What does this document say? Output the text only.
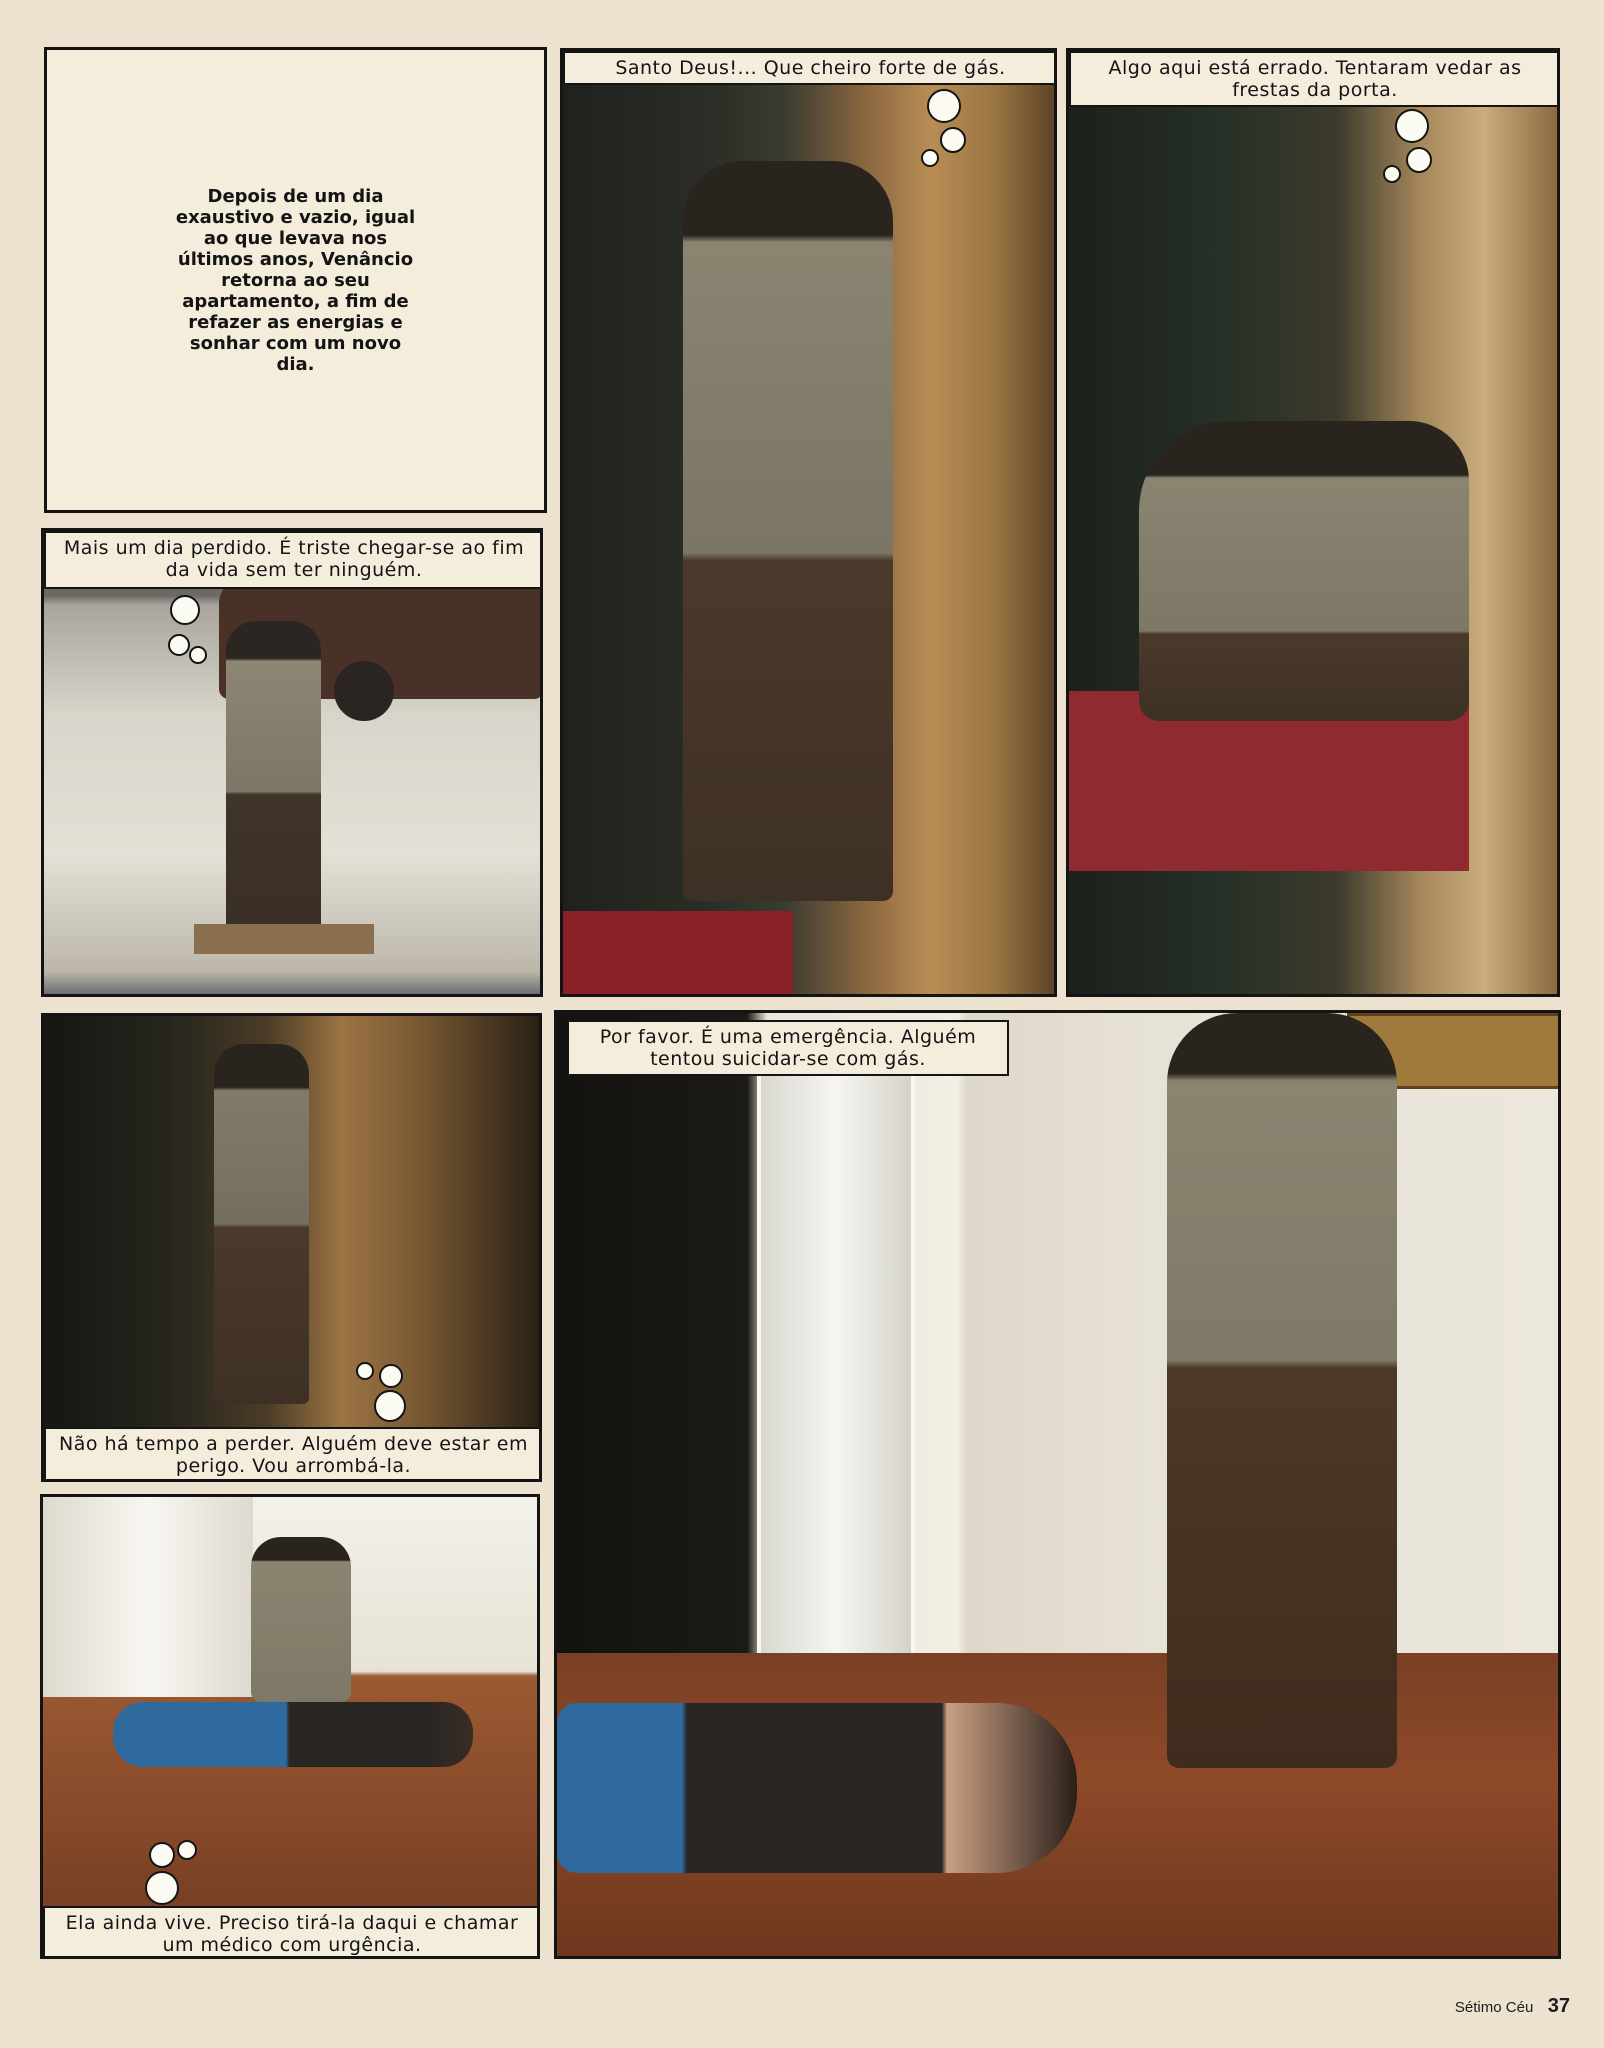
Depois de um dia exaustivo e vazio, igual ao que levava nos últimos anos, Venâncio retorna ao seu apartamento, a fim de refazer as energias e sonhar com um novo dia.

Mais um dia perdido. É triste chegar-se ao fim da vida sem ter ninguém.
Santo Deus!... Que cheiro forte de gás.	Algo aqui está errado. Tentaram vedar as frestas da porta.
Não há tempo a perder. Alguém deve estar em perigo. Vou arrombá-la.
Por favor. É uma emergência. Alguém tentou suicidar-se com gás.
Ela ainda vive. Preciso tirá-la daqui e chamar um médico com urgência.
Sétimo Céu 37
